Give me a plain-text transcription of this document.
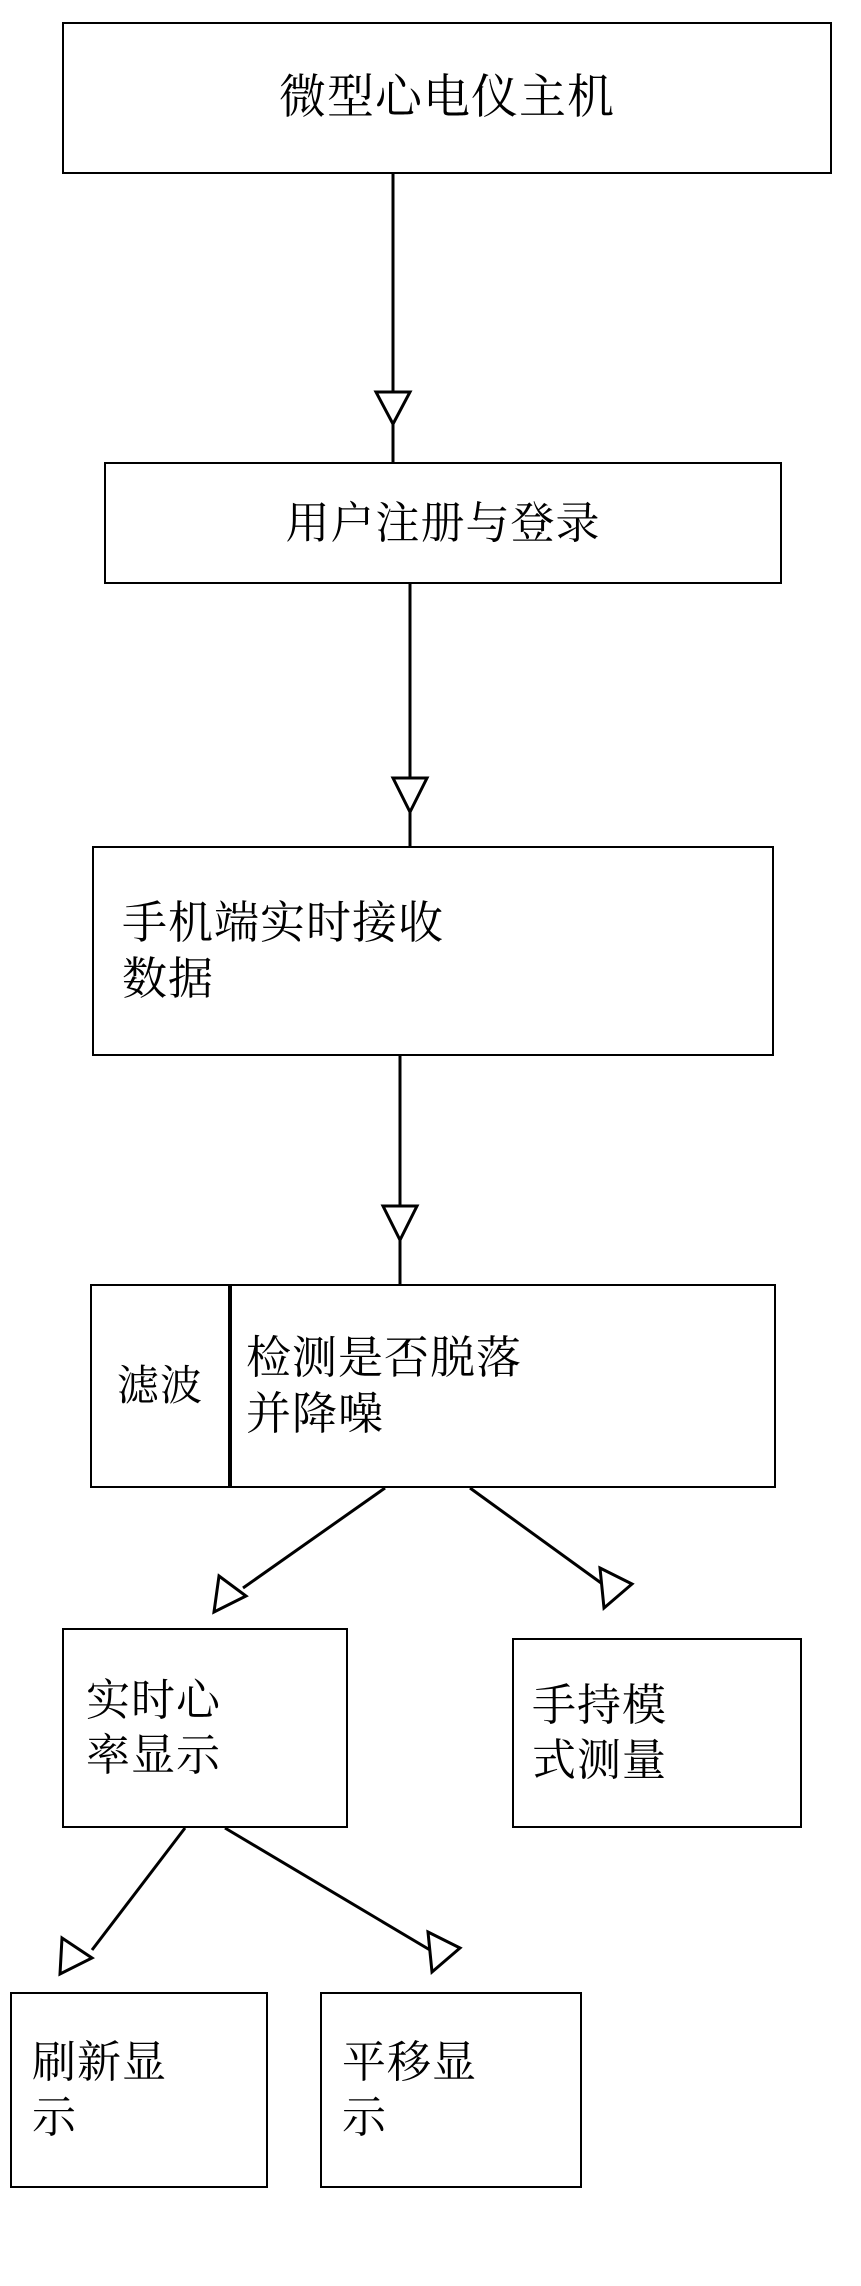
微型心电仪主机
用户注册与登录
手机端实时接收
数据
滤波
检测是否脱落
并降噪
实时心
率显示
手持模
式测量
刷新显
示
平移显
示
